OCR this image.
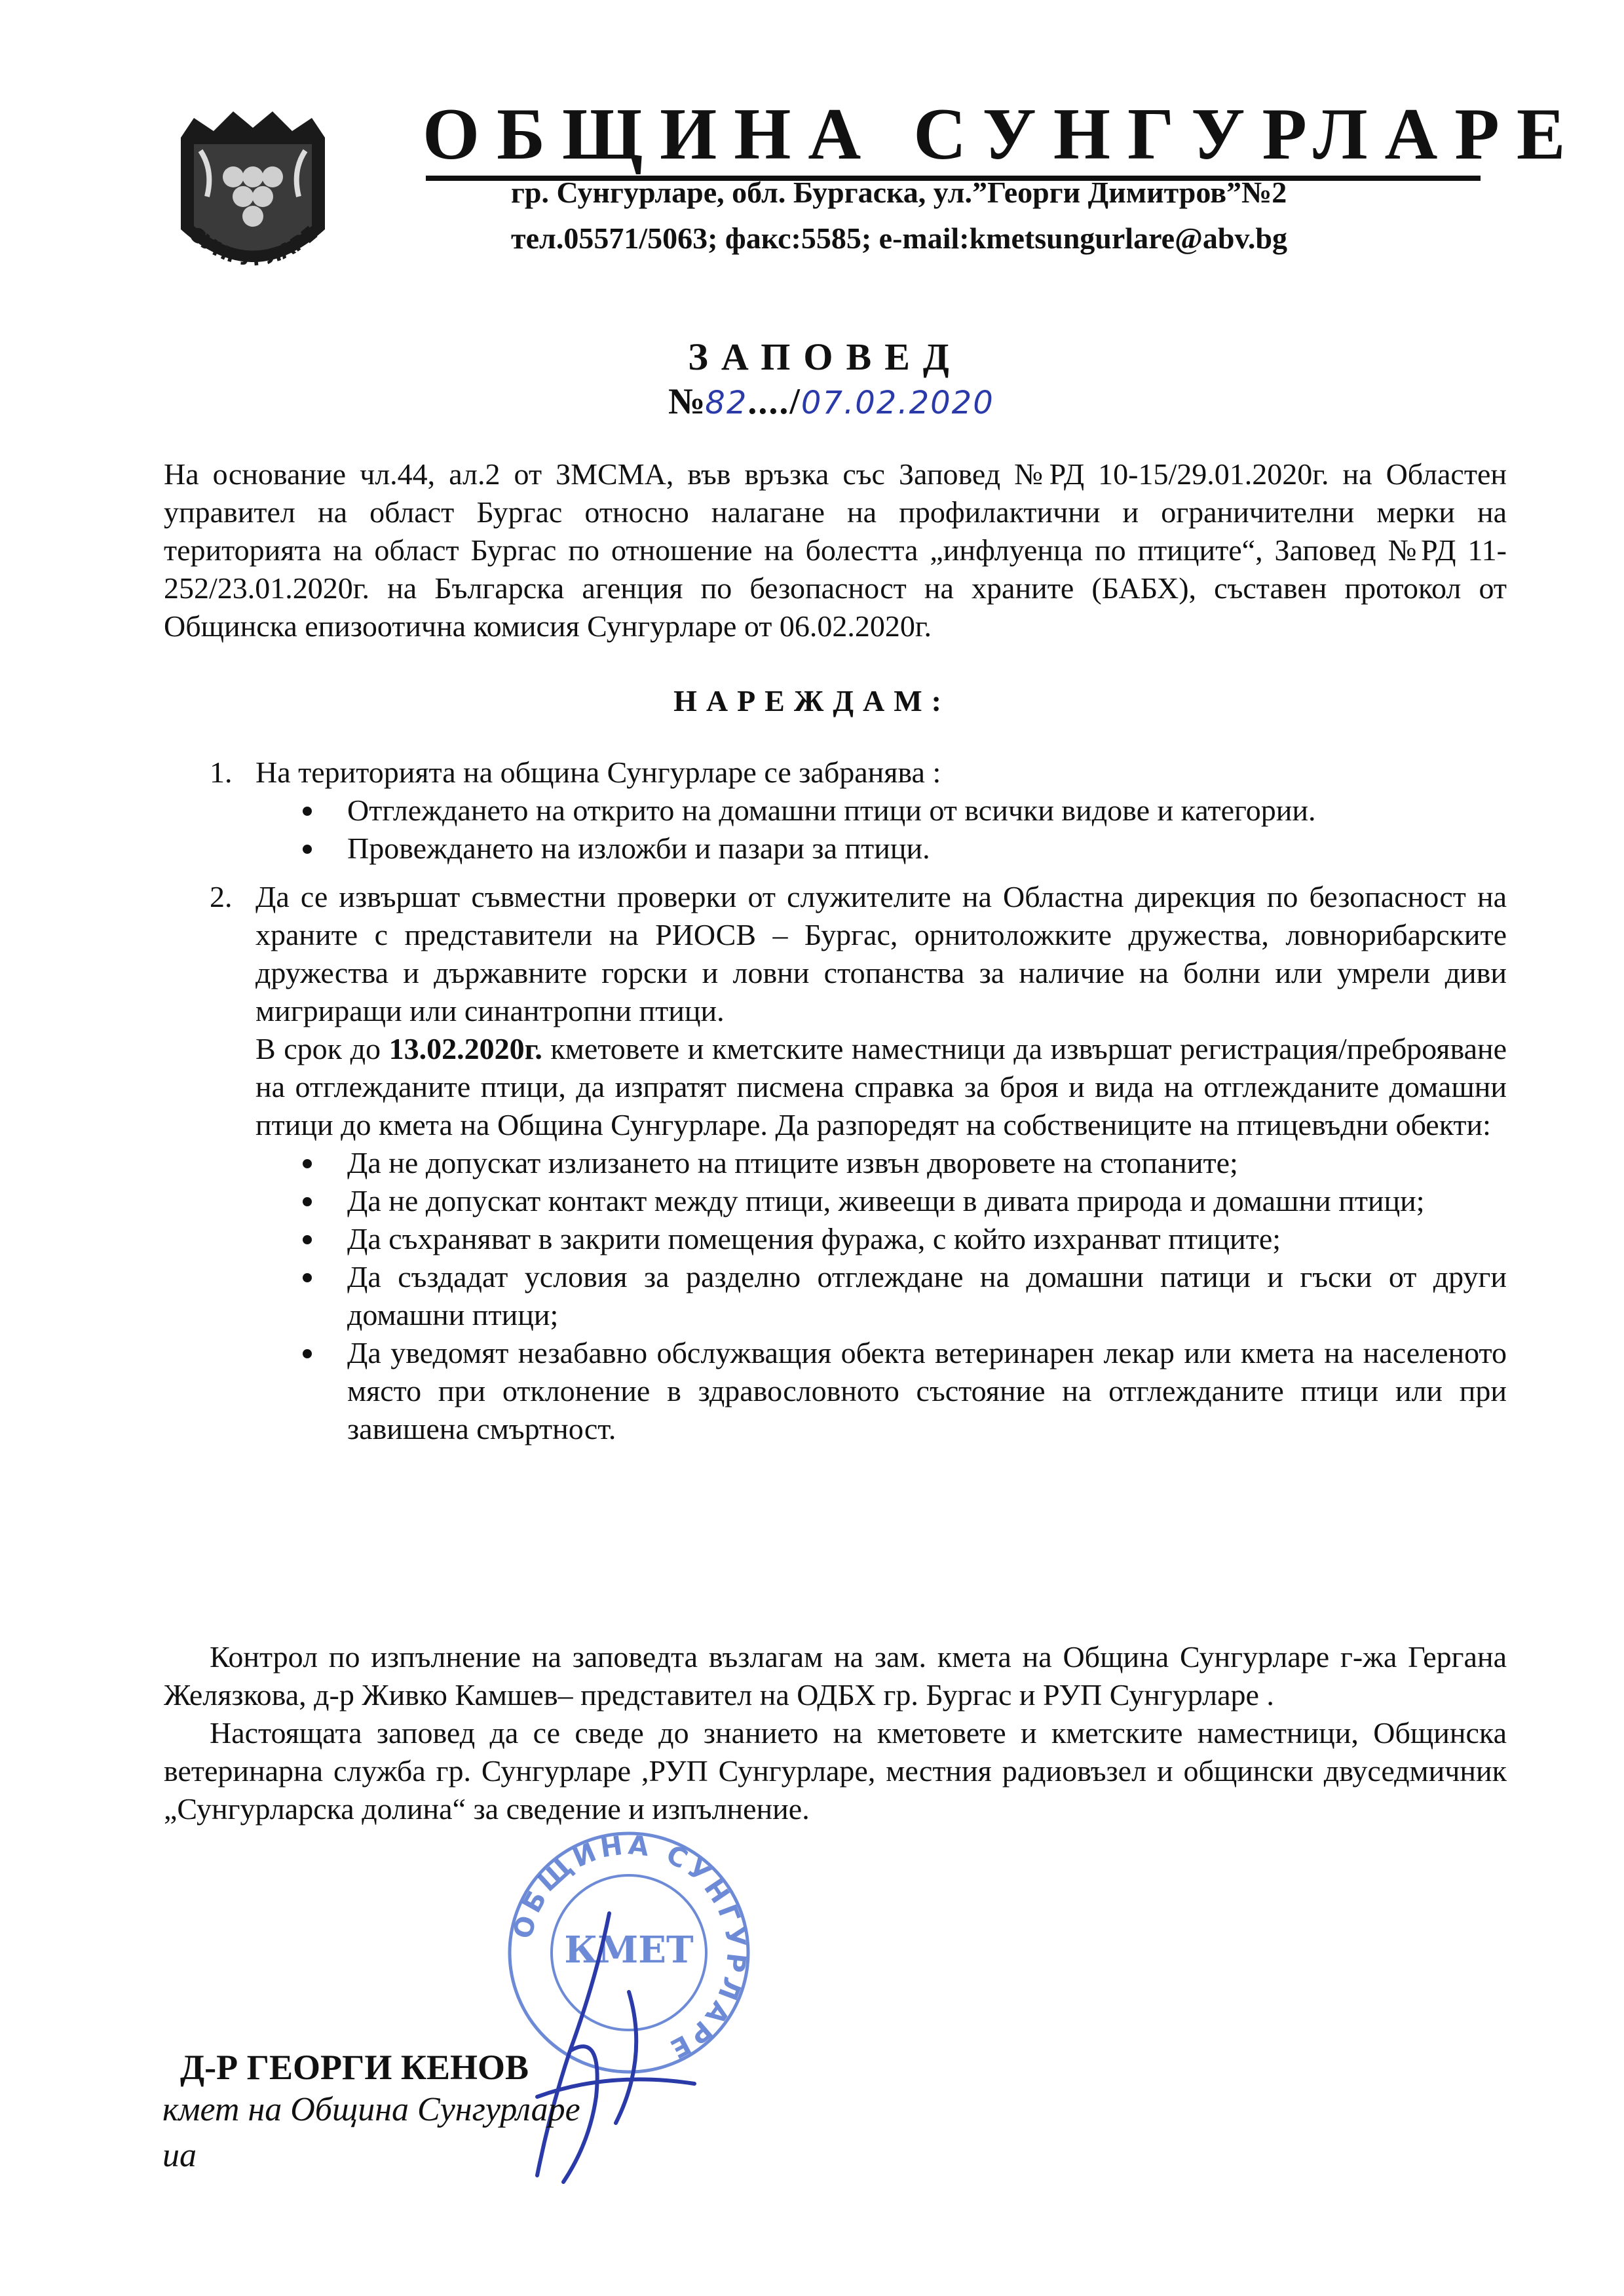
СУНГУРЛАРЕ
ОБЩИНА СУНГУРЛАРЕ
гр. Сунгурларе, обл. Бургаска, ул.”Георги Димитров”№2
тел.05571/5063; факс:5585; e-mail:kmetsungurlare@abv.bg
ЗАПОВЕД
№82..../07.02.2020
На основание чл.44, ал.2 от ЗМСМА, във връзка със Заповед №РД 10-15/29.01.2020г. на Областен управител на област Бургас относно налагане на профилактични и ограничителни мерки на територията на област Бургас по отношение на болестта „инфлуенца по птиците“, Заповед №РД 11-252/23.01.2020г. на Българска агенция по безопасност на храните (БАБХ), съставен протокол от Общинска епизоотична комисия Сунгурларе от 06.02.2020г.
НАРЕЖДАМ:
1. На територията на община Сунгурларе се забранява :
Отглеждането на открито на домашни птици от всички видове и категории.
Провеждането на изложби и пазари за птици.
2. Да се извършат съвместни проверки от служителите на Областна дирекция по безопасност на храните с представители на РИОСВ – Бургас, орнитоложките дружества, ловнорибарските дружества и държавните горски и ловни стопанства за наличие на болни или умрели диви мигриращи или синантропни птици.
В срок до 13.02.2020г. кметовете и кметските наместници да извършат регистрация/преброяване на отглежданите птици, да изпратят писмена справка за броя и вида на отглежданите домашни птици до кмета на Община Сунгурларе. Да разпоредят на собствениците на птицевъдни обекти:
Да не допускат излизането на птиците извън дворовете на стопаните;
Да не допускат контакт между птици, живеещи в дивата природа и домашни птици;
Да съхраняват в закрити помещения фуража, с който изхранват птиците;
Да създадат условия за разделно отглеждане на домашни патици и гъски от други домашни птици;
Да уведомят незабавно обслужващия обекта ветеринарен лекар или кмета на населеното място при отклонение в здравословното състояние на отглежданите птици или при завишена смъртност.

Контрол по изпълнение на заповедта възлагам на зам. кмета на Община Сунгурларе г-жа Гергана Желязкова, д-р Живко Камшев– представител на ОДБХ гр. Бургас и РУП Сунгурларе .

Настоящата заповед да се сведе до знанието на кметовете и кметските наместници, Общинска ветеринарна служба гр. Сунгурларе ,РУП Сунгурларе, местния радиовъзел и общински двуседмичник „Сунгурларска долина“ за сведение и изпълнение.

ОБЩИНА СУНГУРЛАРЕ
КМЕТ
Д-Р ГЕОРГИ КЕНОВ
кмет на Община Сунгурларе
иа
